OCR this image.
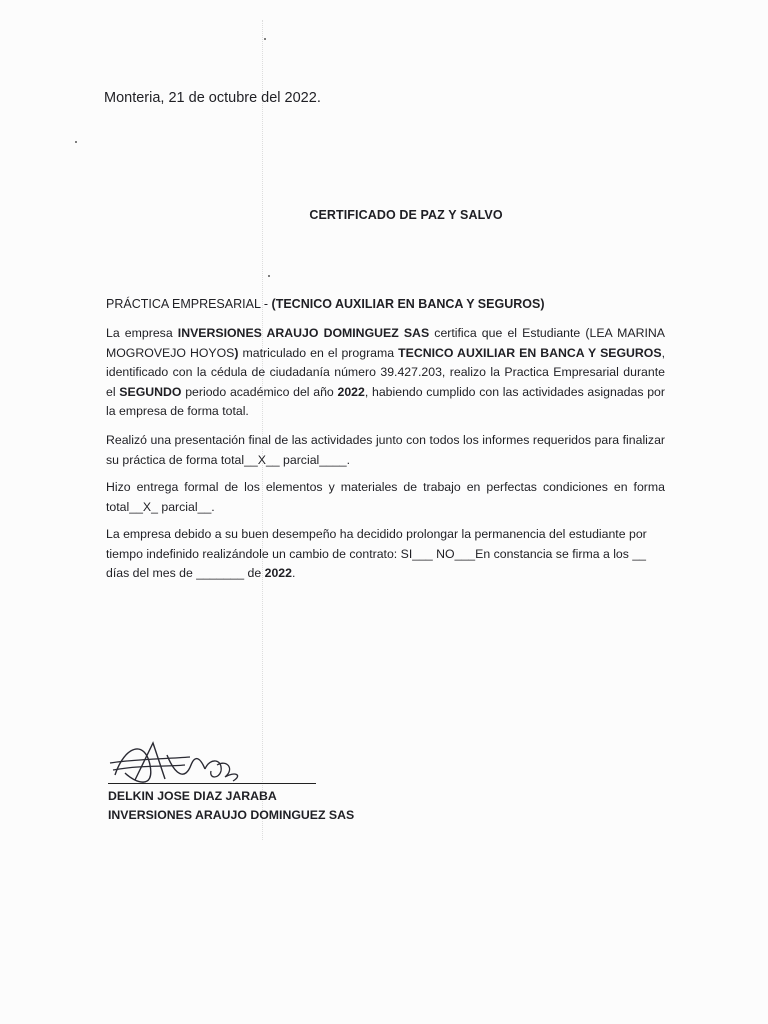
Monteria, 21 de octubre del 2022.
CERTIFICADO DE PAZ Y SALVO
PRÁCTICA EMPRESARIAL - (TECNICO AUXILIAR EN BANCA Y SEGUROS)
La empresa INVERSIONES ARAUJO DOMINGUEZ SAS certifica que el Estudiante (LEA MARINA MOGROVEJO HOYOS) matriculado en el programa TECNICO AUXILIAR EN BANCA Y SEGUROS, identificado con la cédula de ciudadanía número 39.427.203, realizo la Practica Empresarial durante el SEGUNDO periodo académico del año 2022, habiendo cumplido con las actividades asignadas por la empresa de forma total.
Realizó una presentación final de las actividades junto con todos los informes requeridos para finalizar su práctica de forma total__X__ parcial____.
Hizo entrega formal de los elementos y materiales de trabajo en perfectas condiciones en forma total__X_ parcial__.
La empresa debido a su buen desempeño ha decidido prolongar la permanencia del estudiante por tiempo indefinido realizándole un cambio de contrato: SI___ NO___En constancia se firma a los __ días del mes de _______ de 2022.
DELKIN JOSE DIAZ JARABA
INVERSIONES ARAUJO DOMINGUEZ SAS
